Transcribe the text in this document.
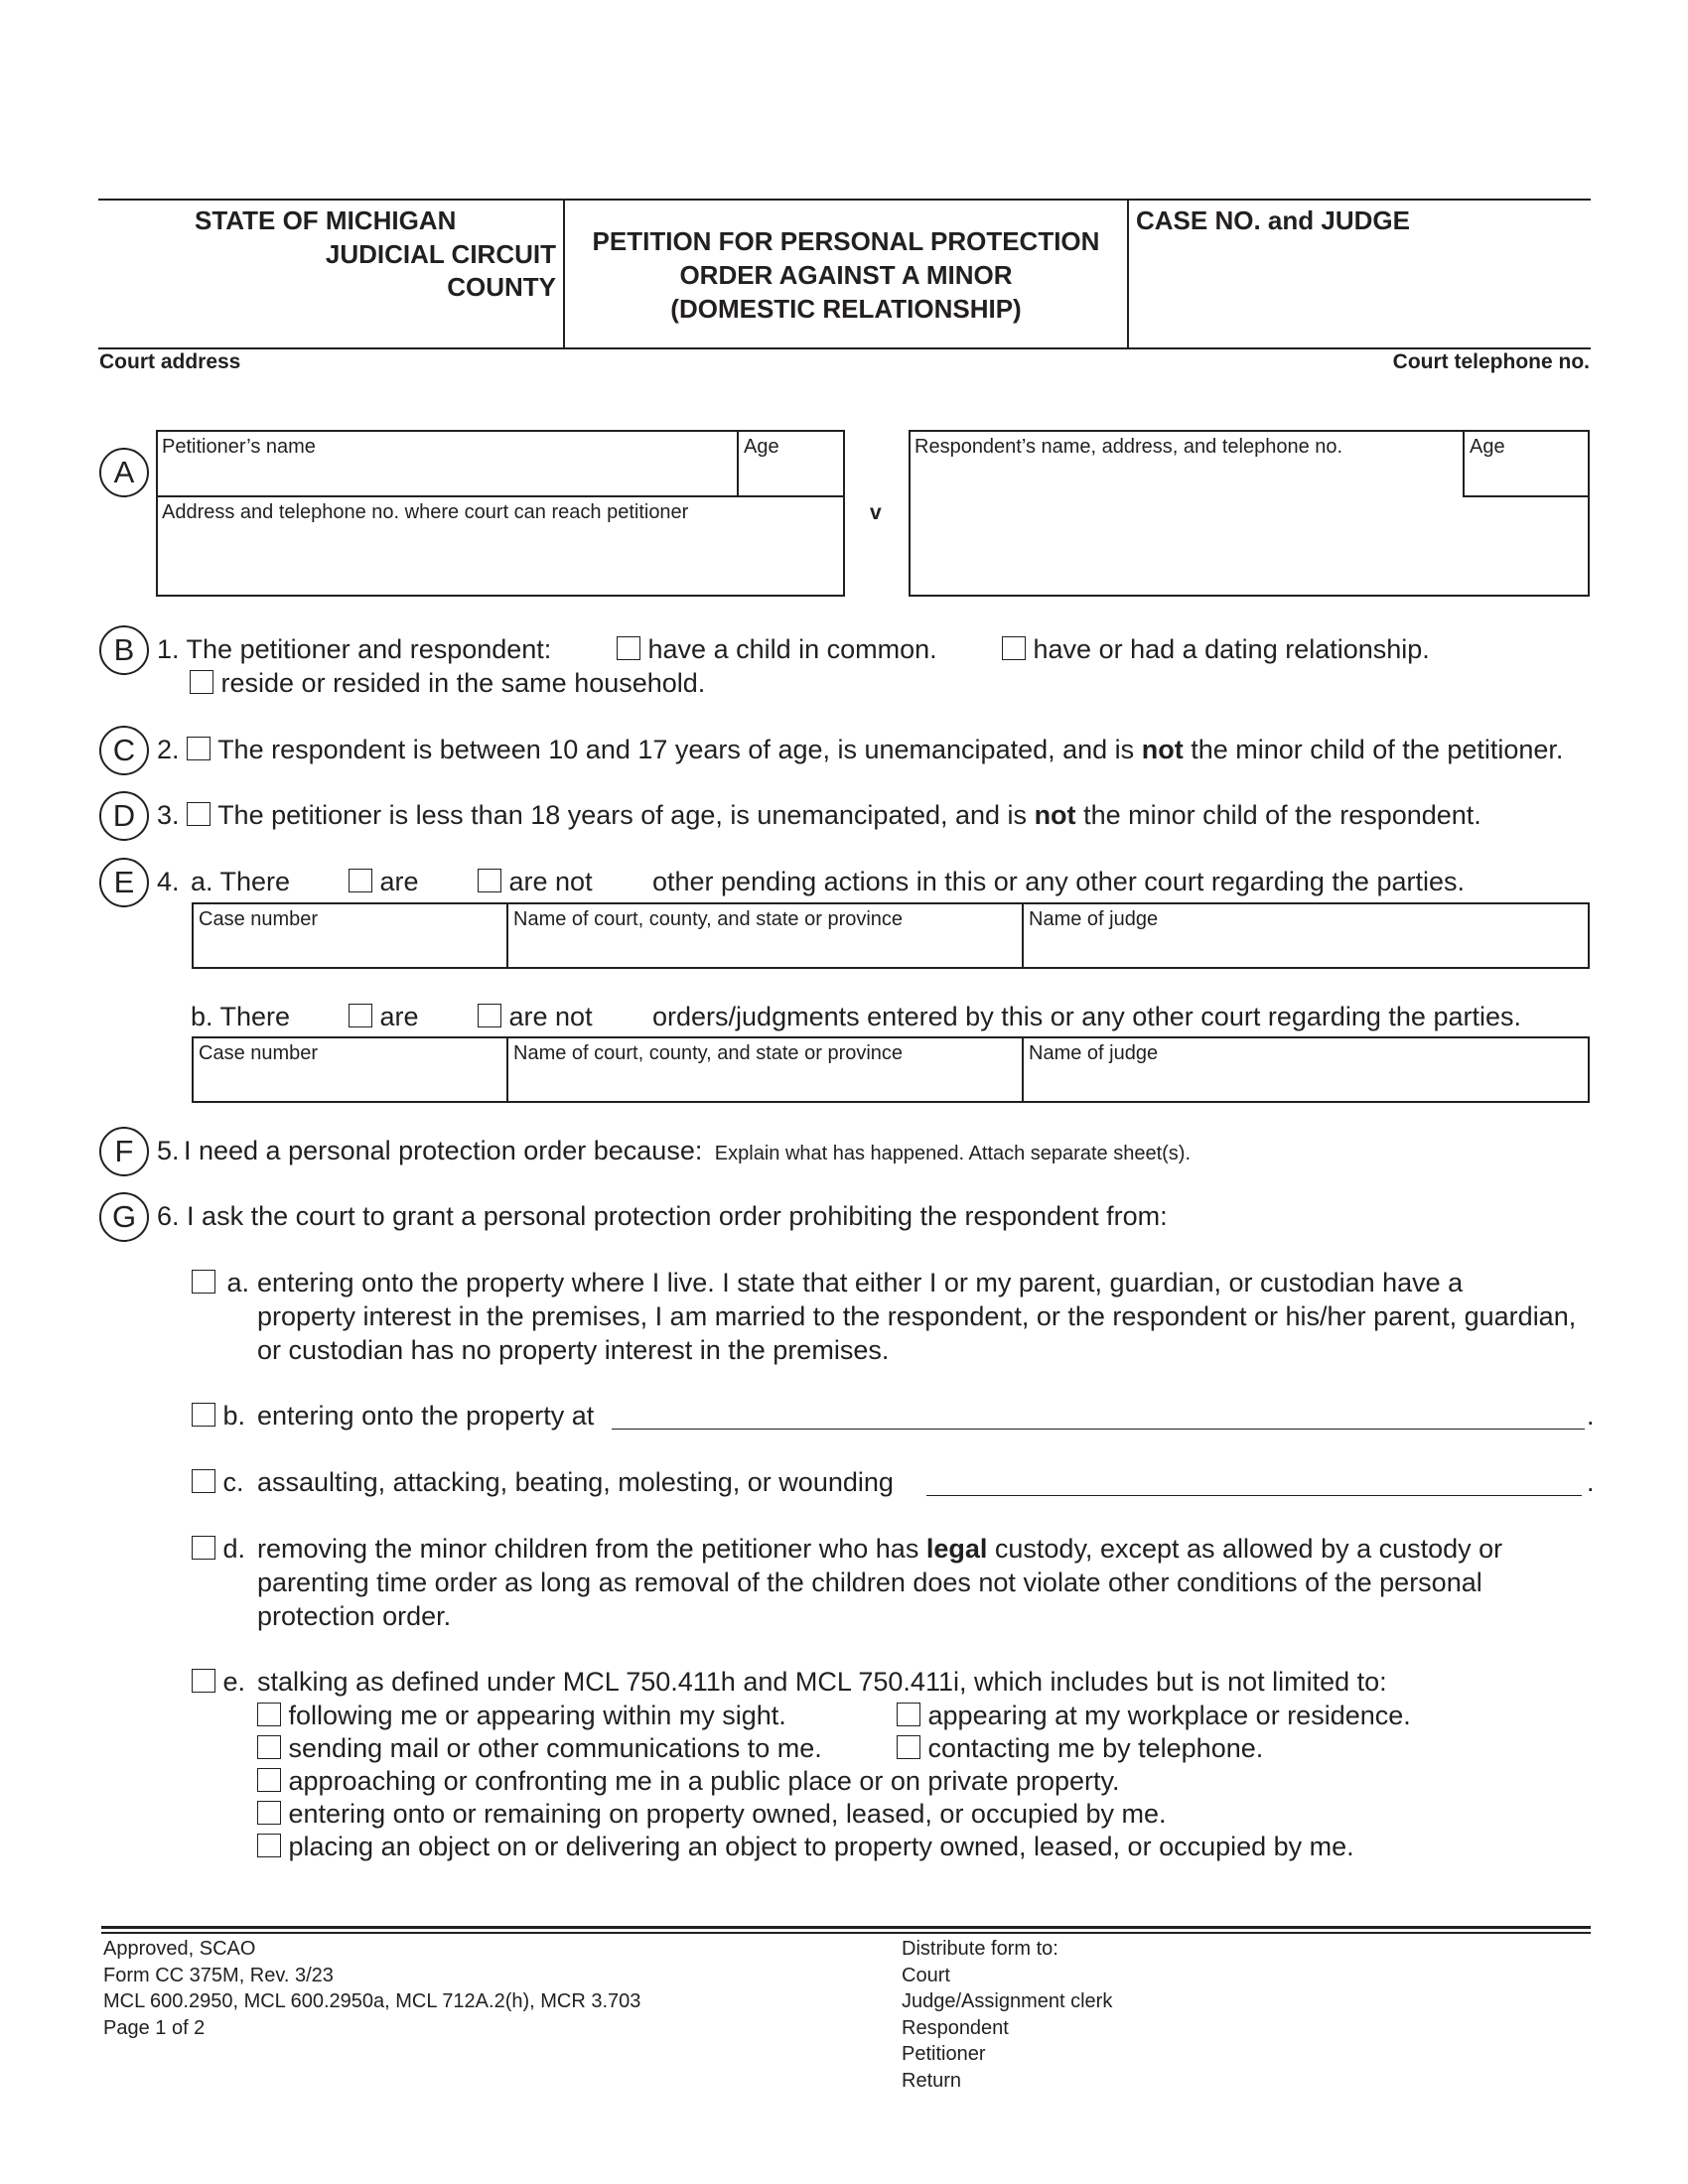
STATE OF MICHIGAN
JUDICIAL CIRCUIT
COUNTY
PETITION FOR PERSONAL PROTECTION
ORDER AGAINST A MINOR
(DOMESTIC RELATIONSHIP)
CASE NO. and JUDGE
Court address	Court telephone no.
A
Petitioner’s name	Age
Address and telephone no. where court can reach petitioner	v
Respondent’s name, address, and telephone no.	Age
B 1. The petitioner and respondent:	have a child in common.	have or had a dating relationship.
reside or resided in the same household.
C 2. The respondent is between 10 and 17 years of age, is unemancipated, and is not the minor child of the petitioner.
D 3. The petitioner is less than 18 years of age, is unemancipated, and is not the minor child of the respondent.
E 4. a. There	are	are not other pending actions in this or any other court regarding the parties.
Case number	Name of court, county, and state or province	Name of judge
b. There	are	are not orders/judgments entered by this or any other court regarding the parties.
Case number	Name of court, county, and state or province	Name of judge
F 5. I need a personal protection order because: Explain what has happened. Attach separate sheet(s).
G 6. I ask the court to grant a personal protection order prohibiting the respondent from:
a. entering onto the property where I live. I state that either I or my parent, guardian, or custodian have a
property interest in the premises, I am married to the respondent, or the respondent or his/her parent, guardian,
or custodian has no property interest in the premises.
b. entering onto the property at	.
c. assaulting, attacking, beating, molesting, or wounding	.
d. removing the minor children from the petitioner who has legal custody, except as allowed by a custody or
parenting time order as long as removal of the children does not violate other conditions of the personal
protection order.
e. stalking as defined under MCL 750.411h and MCL 750.411i, which includes but is not limited to:
following me or appearing within my sight.	appearing at my workplace or residence.
sending mail or other communications to me.	contacting me by telephone.
approaching or confronting me in a public place or on private property.
entering onto or remaining on property owned, leased, or occupied by me.
placing an object on or delivering an object to property owned, leased, or occupied by me.
Approved, SCAO
Form CC 375M, Rev. 3/23
MCL 600.2950, MCL 600.2950a, MCL 712A.2(h), MCR 3.703
Page 1 of 2
Distribute form to:
Court
Judge/Assignment clerk
Respondent
Petitioner
Return
